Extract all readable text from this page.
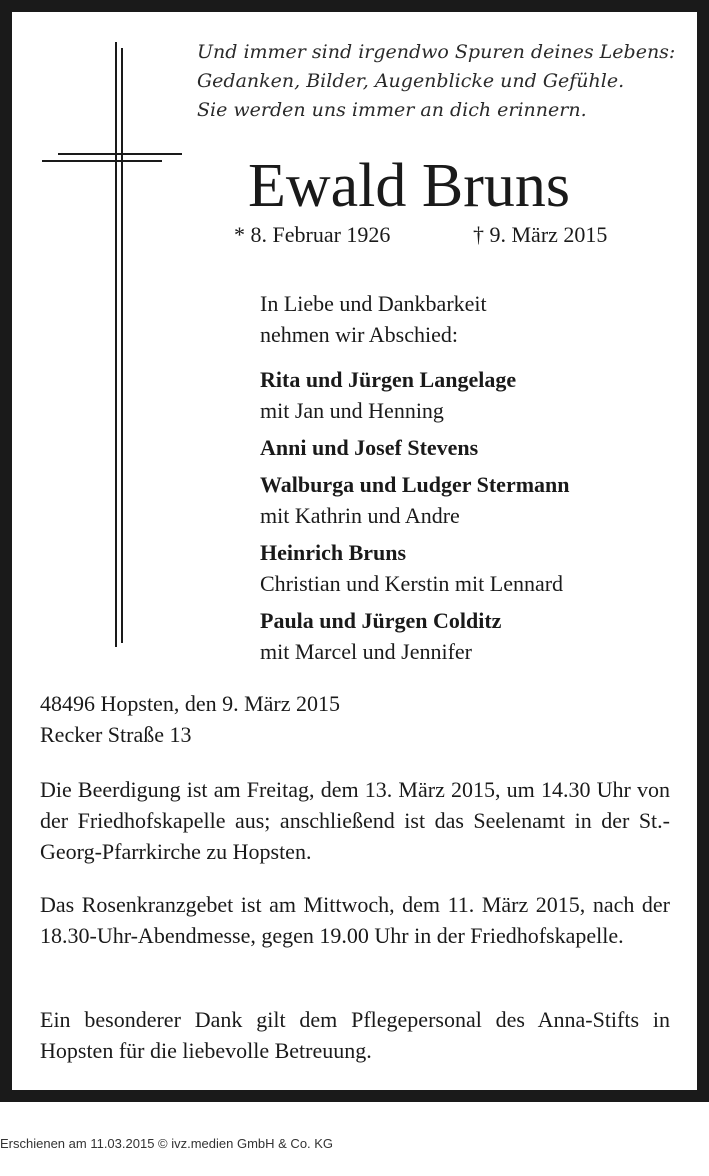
Und immer sind irgendwo Spuren deines Lebens:
Gedanken, Bilder, Augenblicke und Gefühle.
Sie werden uns immer an dich erinnern.
Ewald Bruns
* 8. Februar 1926	† 9. März 2015
In Liebe und Dankbarkeit
nehmen wir Abschied:
Rita und Jürgen Langelage
mit Jan und Henning
Anni und Josef Stevens
Walburga und Ludger Stermann
mit Kathrin und Andre
Heinrich Bruns
Christian und Kerstin mit Lennard
Paula und Jürgen Colditz
mit Marcel und Jennifer
48496 Hopsten, den 9. März 2015
Recker Straße 13
Die Beerdigung ist am Freitag, dem 13. März 2015, um 14.30 Uhr von der Friedhofskapelle aus; anschließend ist das Seelenamt in der St.-Georg-Pfarrkirche zu Hopsten.
Das Rosenkranzgebet ist am Mittwoch, dem 11. März 2015, nach der 18.30-Uhr-Abendmesse, gegen 19.00 Uhr in der Friedhofskapelle.
Ein besonderer Dank gilt dem Pflegepersonal des Anna-Stifts in Hopsten für die liebevolle Betreuung.
Erschienen am 11.03.2015 © ivz.medien GmbH & Co. KG
